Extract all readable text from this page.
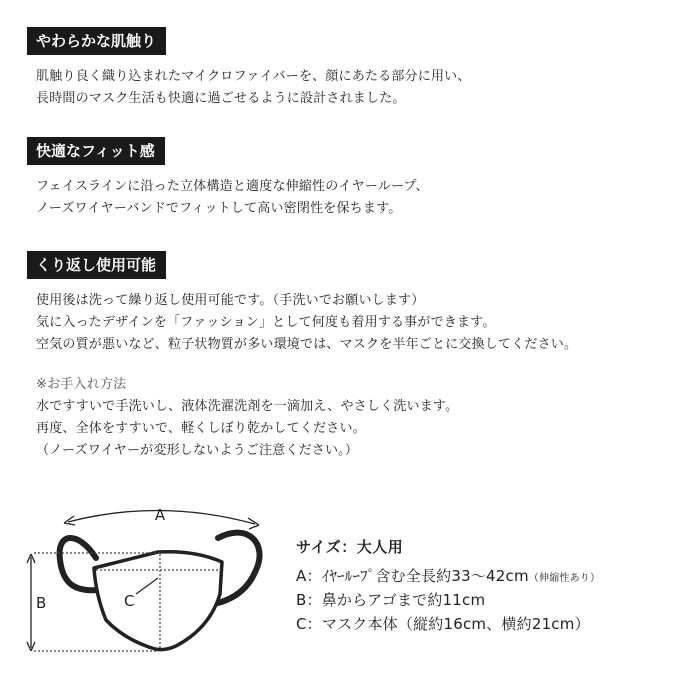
やわらかな肌触り
肌触り良く織り込まれたマイクロファイバーを、顔にあたる部分に用い、
長時間のマスク生活も快適に過ごせるように設計されました。
快適なフィット感
フェイスラインに沿った立体構造と適度な伸縮性のイヤーループ、
ノーズワイヤーバンドでフィットして高い密閉性を保ちます。
くり返し使用可能
使用後は洗って繰り返し使用可能です。（手洗いでお願いします）
気に入ったデザインを「ファッション」として何度も着用する事ができます。
空気の質が悪いなど、粒子状物質が多い環境では、マスクを半年ごとに交換してください。
※お手入れ方法
水ですすいで手洗いし、液体洗濯洗剤を一滴加え、やさしく洗います。
再度、全体をすすいで、軽くしぼり乾かしてください。
（ノーズワイヤーが変形しないようご注意ください。）
A
B	C
サイズ：大人用
A：ｲﾔｰﾙｰﾌﾟ含む全長約33～42cm（伸縮性あり）
B：鼻からアゴまで約11cm
C：マスク本体（縦約16cm、横約21cm）
